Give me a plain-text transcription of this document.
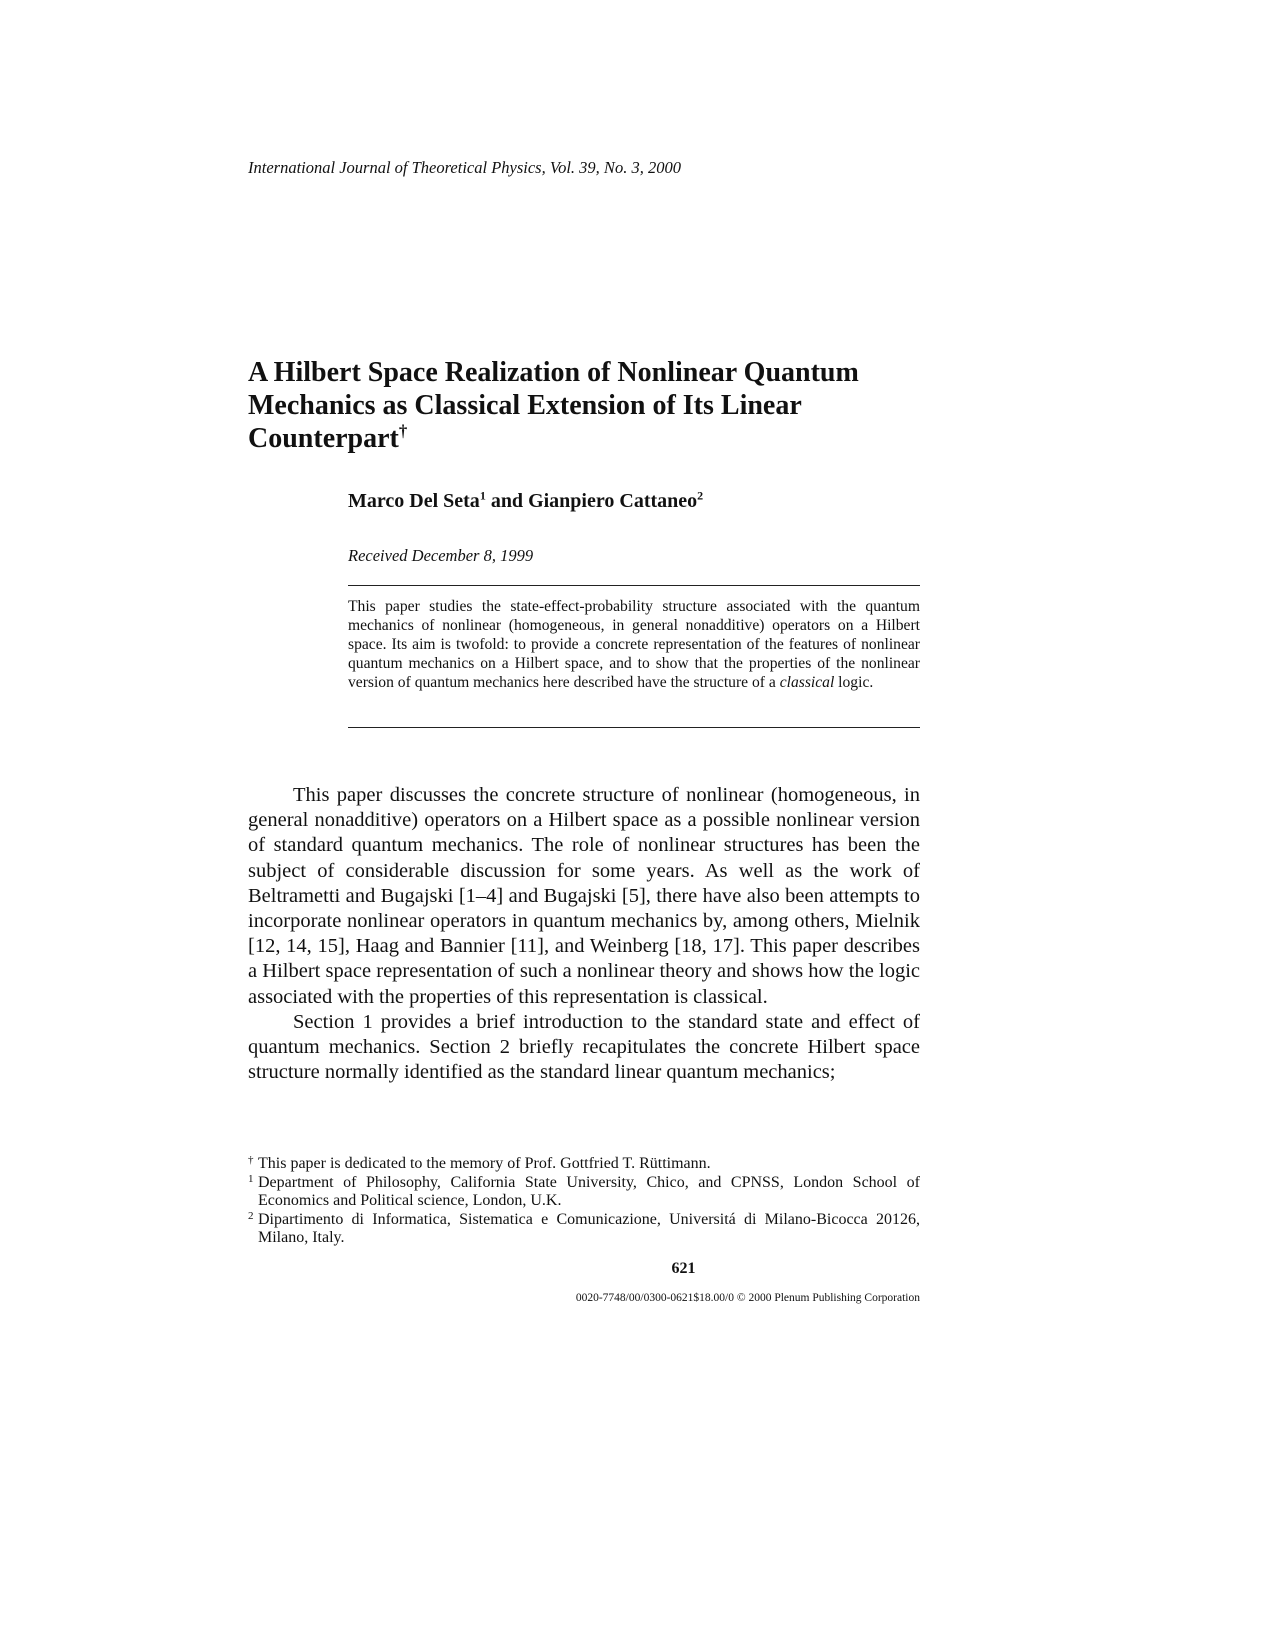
International Journal of Theoretical Physics, Vol. 39, No. 3, 2000
A Hilbert Space Realization of Nonlinear Quantum Mechanics as Classical Extension of Its Linear Counterpart†
Marco Del Seta$^1$ and Gianpiero Cattaneo$^2$
Received December 8, 1999

This paper studies the state-effect-probability structure associated with the quantum mechanics of nonlinear (homogeneous, in general nonadditive) operators on a Hilbert space. Its aim is twofold: to provide a concrete representation of the features of nonlinear quantum mechanics on a Hilbert space, and to show that the properties of the nonlinear version of quantum mechanics here described have the structure of a classical logic.

This paper discusses the concrete structure of nonlinear (homogeneous, in general nonadditive) operators on a Hilbert space as a possible nonlinear version of standard quantum mechanics. The role of nonlinear structures has been the subject of considerable discussion for some years. As well as the work of Beltrametti and Bugajski [1–4] and Bugajski [5], there have also been attempts to incorporate nonlinear operators in quantum mechanics by, among others, Mielnik [12, 14, 15], Haag and Bannier [11], and Weinberg [18, 17]. This paper describes a Hilbert space representation of such a nonlinear theory and shows how the logic associated with the properties of this representation is classical.

Section 1 provides a brief introduction to the standard state and effect of quantum mechanics. Section 2 briefly recapitulates the concrete Hilbert space structure normally identified as the standard linear quantum mechanics;

† This paper is dedicated to the memory of Prof. Gottfried T. Rüttimann.
1 Department of Philosophy, California State University, Chico, and CPNSS, London School of Economics and Political science, London, U.K.
2 Dipartimento di Informatica, Sistematica e Comunicazione, Universitá di Milano-Bicocca 20126, Milano, Italy.
621
0020-7748/00/0300-0621$18.00/0 © 2000 Plenum Publishing Corporation
